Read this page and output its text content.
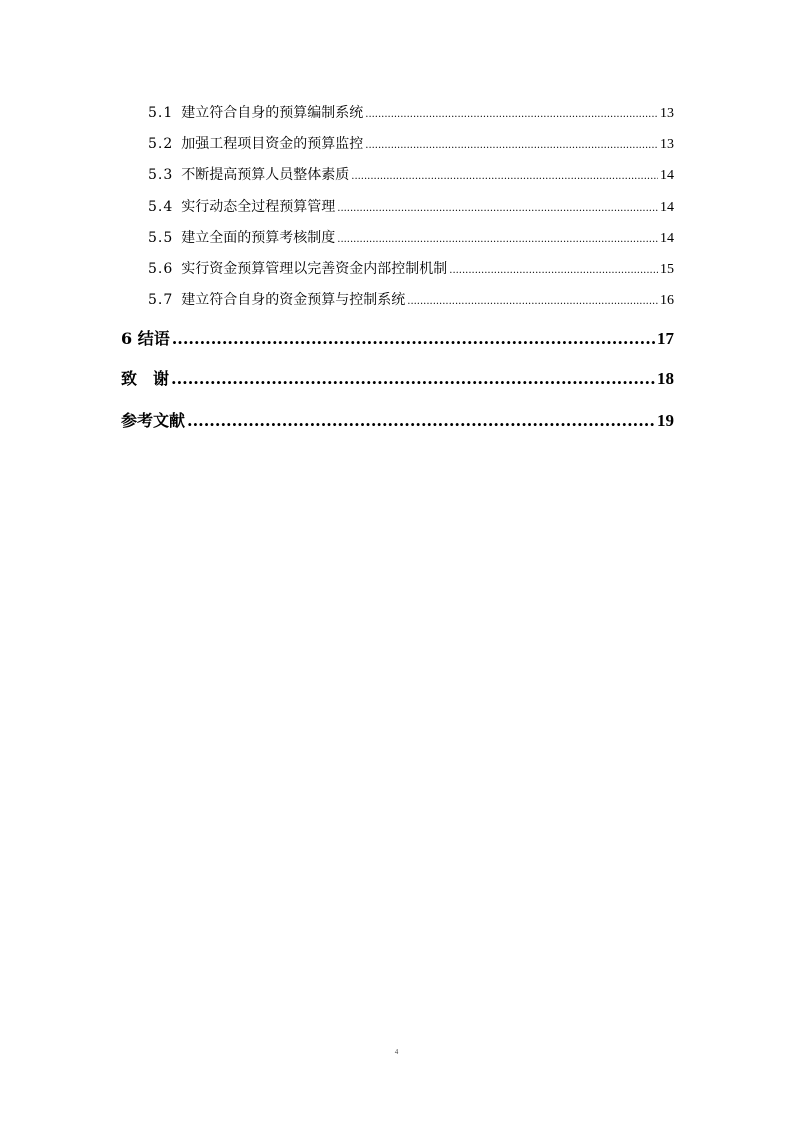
5.1 建立符合自身的预算编制系统 .....	13
5.2 加强工程项目资金的预算监控 .....	13
5.3 不断提高预算人员整体素质 .....	14
5.4 实行动态全过程预算管理 .....	14
5.5 建立全面的预算考核制度 .....	14
5.6 实行资金预算管理以完善资金内部控制机制 .....	15
5.7 建立符合自身的资金预算与控制系统 .....	16
6 结语 .....	17
致　谢 .....	18
参考文献 .....	19
4
